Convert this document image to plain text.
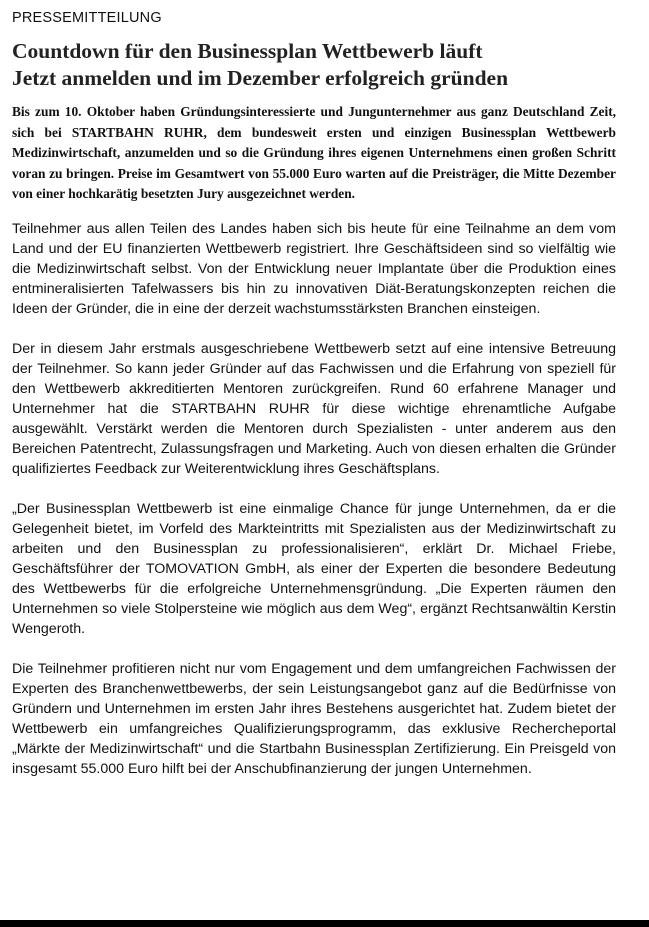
PRESSEMITTEILUNG
Countdown für den Businessplan Wettbewerb läuft
Jetzt anmelden und im Dezember erfolgreich gründen

Bis zum 10. Oktober haben Gründungsinteressierte und Jungunternehmer aus ganz Deutschland Zeit, sich bei STARTBAHN RUHR, dem bundesweit ersten und einzigen Businessplan Wettbewerb Medizinwirtschaft, anzumelden und so die Gründung ihres eigenen Unternehmens einen großen Schritt voran zu bringen. Preise im Gesamtwert von 55.000 Euro warten auf die Preisträger, die Mitte Dezember von einer hochkarätig besetzten Jury ausgezeichnet werden.

Teilnehmer aus allen Teilen des Landes haben sich bis heute für eine Teilnahme an dem vom Land und der EU finanzierten Wettbewerb registriert. Ihre Geschäftsideen sind so vielfältig wie die Medizinwirtschaft selbst. Von der Entwicklung neuer Implantate über die Produktion eines entmineralisierten Tafelwassers bis hin zu innovativen Diät-Beratungskonzepten reichen die Ideen der Gründer, die in eine der derzeit wachstumsstärksten Branchen einsteigen.

Der in diesem Jahr erstmals ausgeschriebene Wettbewerb setzt auf eine intensive Betreuung der Teilnehmer. So kann jeder Gründer auf das Fachwissen und die Erfahrung von speziell für den Wettbewerb akkreditierten Mentoren zurückgreifen. Rund 60 erfahrene Manager und Unternehmer hat die STARTBAHN RUHR für diese wichtige ehrenamtliche Aufgabe ausgewählt. Verstärkt werden die Mentoren durch Spezialisten - unter anderem aus den Bereichen Patentrecht, Zulassungsfragen und Marketing. Auch von diesen erhalten die Gründer qualifiziertes Feedback zur Weiterentwicklung ihres Geschäftsplans.

„Der Businessplan Wettbewerb ist eine einmalige Chance für junge Unternehmen, da er die Gelegenheit bietet, im Vorfeld des Markteintritts mit Spezialisten aus der Medizinwirtschaft zu arbeiten und den Businessplan zu professionalisieren“, erklärt Dr. Michael Friebe, Geschäftsführer der TOMOVATION GmbH, als einer der Experten die besondere Bedeutung des Wettbewerbs für die erfolgreiche Unternehmensgründung. „Die Experten räumen den Unternehmen so viele Stolpersteine wie möglich aus dem Weg“, ergänzt Rechtsanwältin Kerstin Wengeroth.

Die Teilnehmer profitieren nicht nur vom Engagement und dem umfangreichen Fachwissen der Experten des Branchenwettbewerbs, der sein Leistungsangebot ganz auf die Bedürfnisse von Gründern und Unternehmen im ersten Jahr ihres Bestehens ausgerichtet hat. Zudem bietet der Wettbewerb ein umfangreiches Qualifizierungsprogramm, das exklusive Rechercheportal „Märkte der Medizinwirtschaft“ und die Startbahn Businessplan Zertifizierung. Ein Preisgeld von insgesamt 55.000 Euro hilft bei der Anschubfinanzierung der jungen Unternehmen.
